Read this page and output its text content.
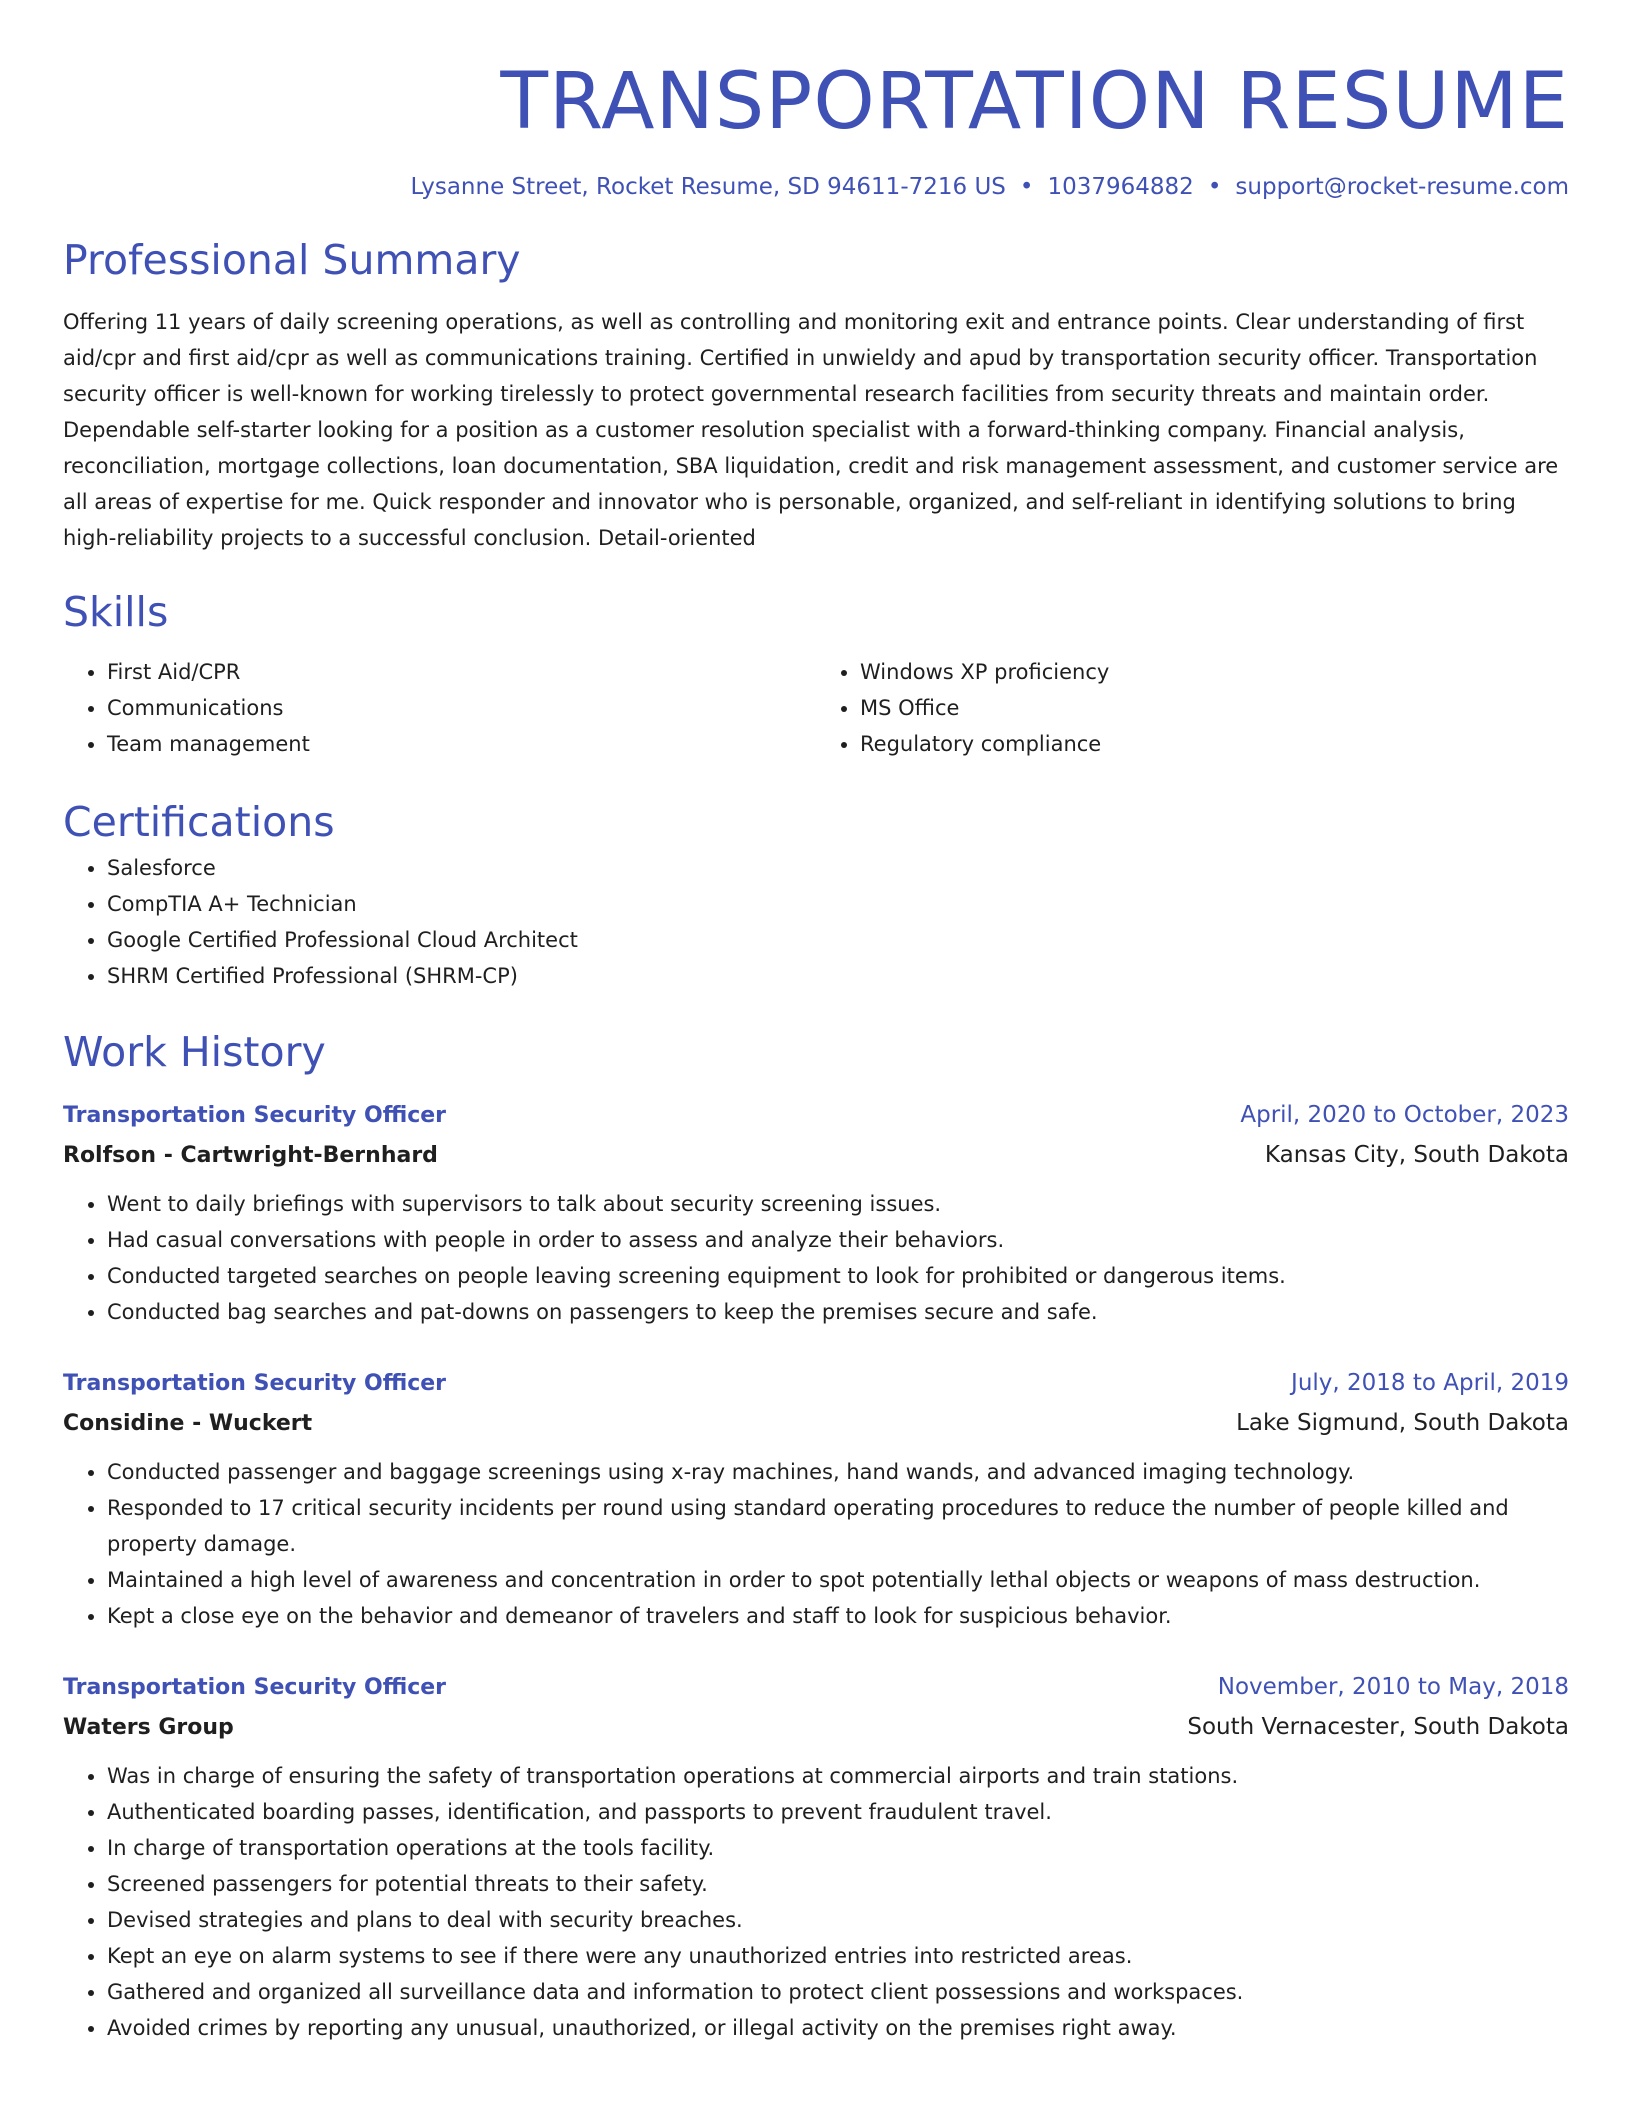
TRANSPORTATION RESUME
Lysanne Street, Rocket Resume, SD 94611-7216 US • 1037964882 • support@rocket-resume.com
Professional Summary
Offering 11 years of daily screening operations, as well as controlling and monitoring exit and entrance points. Clear understanding of first aid/cpr and first aid/cpr as well as communications training. Certified in unwieldy and apud by transportation security officer. Transportation security officer is well-known for working tirelessly to protect governmental research facilities from security threats and maintain order. Dependable self-starter looking for a position as a customer resolution specialist with a forward-thinking company. Financial analysis, reconciliation, mortgage collections, loan documentation, SBA liquidation, credit and risk management assessment, and customer service are all areas of expertise for me. Quick responder and innovator who is personable, organized, and self-reliant in identifying solutions to bring high-reliability projects to a successful conclusion. Detail-oriented
Skills
• First Aid/CPR
• Communications
• Team management
• Windows XP proficiency
• MS Office
• Regulatory compliance
Certifications
• Salesforce
• CompTIA A+ Technician
• Google Certified Professional Cloud Architect
• SHRM Certified Professional (SHRM-CP)
Work History
Transportation Security Officer	April, 2020 to October, 2023
Rolfson - Cartwright-Bernhard	Kansas City, South Dakota
• Went to daily briefings with supervisors to talk about security screening issues.
• Had casual conversations with people in order to assess and analyze their behaviors.
• Conducted targeted searches on people leaving screening equipment to look for prohibited or dangerous items.
• Conducted bag searches and pat-downs on passengers to keep the premises secure and safe.
Transportation Security Officer	July, 2018 to April, 2019
Considine - Wuckert	Lake Sigmund, South Dakota
• Conducted passenger and baggage screenings using x-ray machines, hand wands, and advanced imaging technology.
• Responded to 17 critical security incidents per round using standard operating procedures to reduce the number of people killed and property damage.
• Maintained a high level of awareness and concentration in order to spot potentially lethal objects or weapons of mass destruction.
• Kept a close eye on the behavior and demeanor of travelers and staff to look for suspicious behavior.
Transportation Security Officer	November, 2010 to May, 2018
Waters Group	South Vernacester, South Dakota
• Was in charge of ensuring the safety of transportation operations at commercial airports and train stations.
• Authenticated boarding passes, identification, and passports to prevent fraudulent travel.
• In charge of transportation operations at the tools facility.
• Screened passengers for potential threats to their safety.
• Devised strategies and plans to deal with security breaches.
• Kept an eye on alarm systems to see if there were any unauthorized entries into restricted areas.
• Gathered and organized all surveillance data and information to protect client possessions and workspaces.
• Avoided crimes by reporting any unusual, unauthorized, or illegal activity on the premises right away.
